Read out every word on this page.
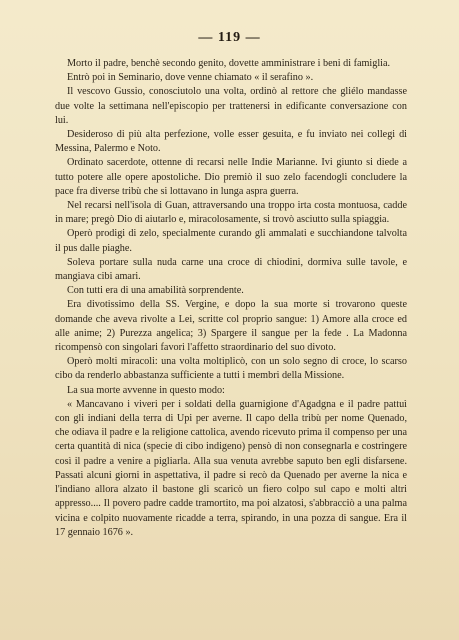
— 119 —

Morto il padre, benchè secondo genito, dovette amministrare i beni di famiglia.

Entrò poi in Seminario, dove venne chiamato « il serafino ».

Il vescovo Gussio, conosciutolo una volta, ordinò al rettore che gliélo mandasse due volte la settimana nell'episcopio per trattenersi in edificante conversazione con lui.

Desideroso di più alta perfezione, volle esser gesuita, e fu inviato nei collegi di Messina, Palermo e Noto.

Ordinato sacerdote, ottenne di recarsi nelle Indie Marianne. Ivi giunto si diede a tutto potere alle opere apostoliche. Dio premiò il suo zelo facendogli concludere la pace fra diverse tribù che si lottavano in lunga aspra guerra.

Nel recarsi nell'isola di Guan, attraversando una troppo irta costa montuosa, cadde in mare; pregò Dio di aiutarlo e, miracolosamente, si trovò asciutto sulla spiaggia.

Operò prodigi di zelo, specialmente curando gli ammalati e succhiandone talvolta il pus dalle piaghe.

Soleva portare sulla nuda carne una croce di chiodini, dormiva sulle tavole, e mangiava cibi amari.

Con tutti era di una amabilità sorprendente.

Era divotissimo della SS. Vergine, e dopo la sua morte si trovarono queste domande che aveva rivolte a Lei, scritte col proprio sangue: 1) Amore alla croce ed alle anime; 2) Purezza angelica; 3) Spargere il sangue per la fede . La Madonna ricompensò con singolari favori l'affetto straordinario del suo divoto.

Operò molti miracoli: una volta moltiplicò, con un solo segno di croce, lo scarso cibo da renderlo abbastanza sufficiente a tutti i membri della Missione.

La sua morte avvenne in questo modo:

« Mancavano i viveri per i soldati della guarnigione d'Agadgna e il padre pattuì con gli indiani della terra di Upi per averne. Il capo della tribù per nome Quenado, che odiava il padre e la religione cattolica, avendo ricevuto prima il compenso per una certa quantità di nica (specie di cibo indigeno) pensò di non consegnarla e costringere così il padre a venire a pigliarla. Alla sua venuta avrebbe saputo ben egli disfarsene. Passati alcuni giorni in aspettativa, il padre si recò da Quenado per averne la nica e l'indiano allora alzato il bastone gli scaricò un fiero colpo sul capo e molti altri appresso.... Il povero padre cadde tramortito, ma poi alzatosi, s'abbracciò a una palma vicina e colpito nuovamente ricadde a terra, spirando, in una pozza di sangue. Era il 17 gennaio 1676 ».
